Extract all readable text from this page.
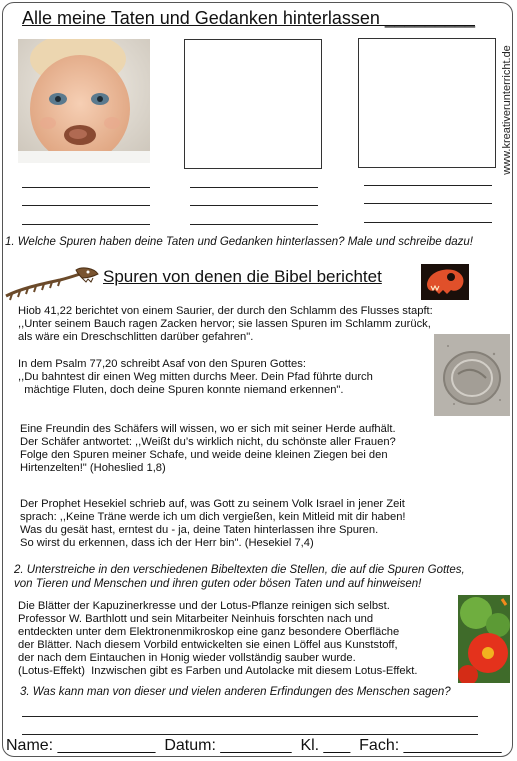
Alle meine Taten und Gedanken hinterlassen _________
www.kreativerunterricht.de
1. Welche Spuren haben deine Taten und Gedanken hinterlassen? Male und schreibe dazu!
Spuren von denen die Bibel berichtet
Hiob 41,22 berichtet von einem Saurier, der durch den Schlamm des Flusses stapft:
,,Unter seinem Bauch ragen Zacken hervor; sie lassen Spuren im Schlamm zurück,
als wäre ein Dreschschlitten darüber gefahren".
In dem Psalm 77,20 schreibt Asaf von den Spuren Gottes:
,,Du bahntest dir einen Weg mitten durchs Meer. Dein Pfad führte durch
mächtige Fluten, doch deine Spuren konnte niemand erkennen".
Eine Freundin des Schäfers will wissen, wo er sich mit seiner Herde aufhält.
Der Schäfer antwortet: ,,Weißt du’s wirklich nicht, du schönste aller Frauen?
Folge den Spuren meiner Schafe, und weide deine kleinen Ziegen bei den
Hirtenzelten!" (Hoheslied 1,8)
Der Prophet Hesekiel schrieb auf, was Gott zu seinem Volk Israel in jener Zeit
sprach: ,,Keine Träne werde ich um dich vergießen, kein Mitleid mit dir haben!
Was du gesät hast, erntest du - ja, deine Taten hinterlassen ihre Spuren.
So wirst du erkennen, dass ich der Herr bin". (Hesekiel 7,4)
2. Unterstreiche in den verschiedenen Bibeltexten die Stellen, die auf die Spuren Gottes,
von Tieren und Menschen und ihren guten oder bösen Taten und auf hinweisen!
Die Blätter der Kapuzinerkresse und der Lotus-Pflanze reinigen sich selbst.
Professor W. Barthlott und sein Mitarbeiter Neinhuis forschten nach und
entdeckten unter dem Elektronenmikroskop eine ganz besondere Oberfläche
der Blätter. Nach diesem Vorbild entwickelten sie einen Löffel aus Kunststoff,
der nach dem Eintauchen in Honig wieder vollständig sauber wurde.
(Lotus-Effekt)  Inzwischen gibt es Farben und Autolacke mit diesem Lotus-Effekt.
3. Was kann man von dieser und vielen anderen Erfindungen des Menschen sagen?
Name: ___________  Datum: ________  Kl. ___  Fach: ___________
